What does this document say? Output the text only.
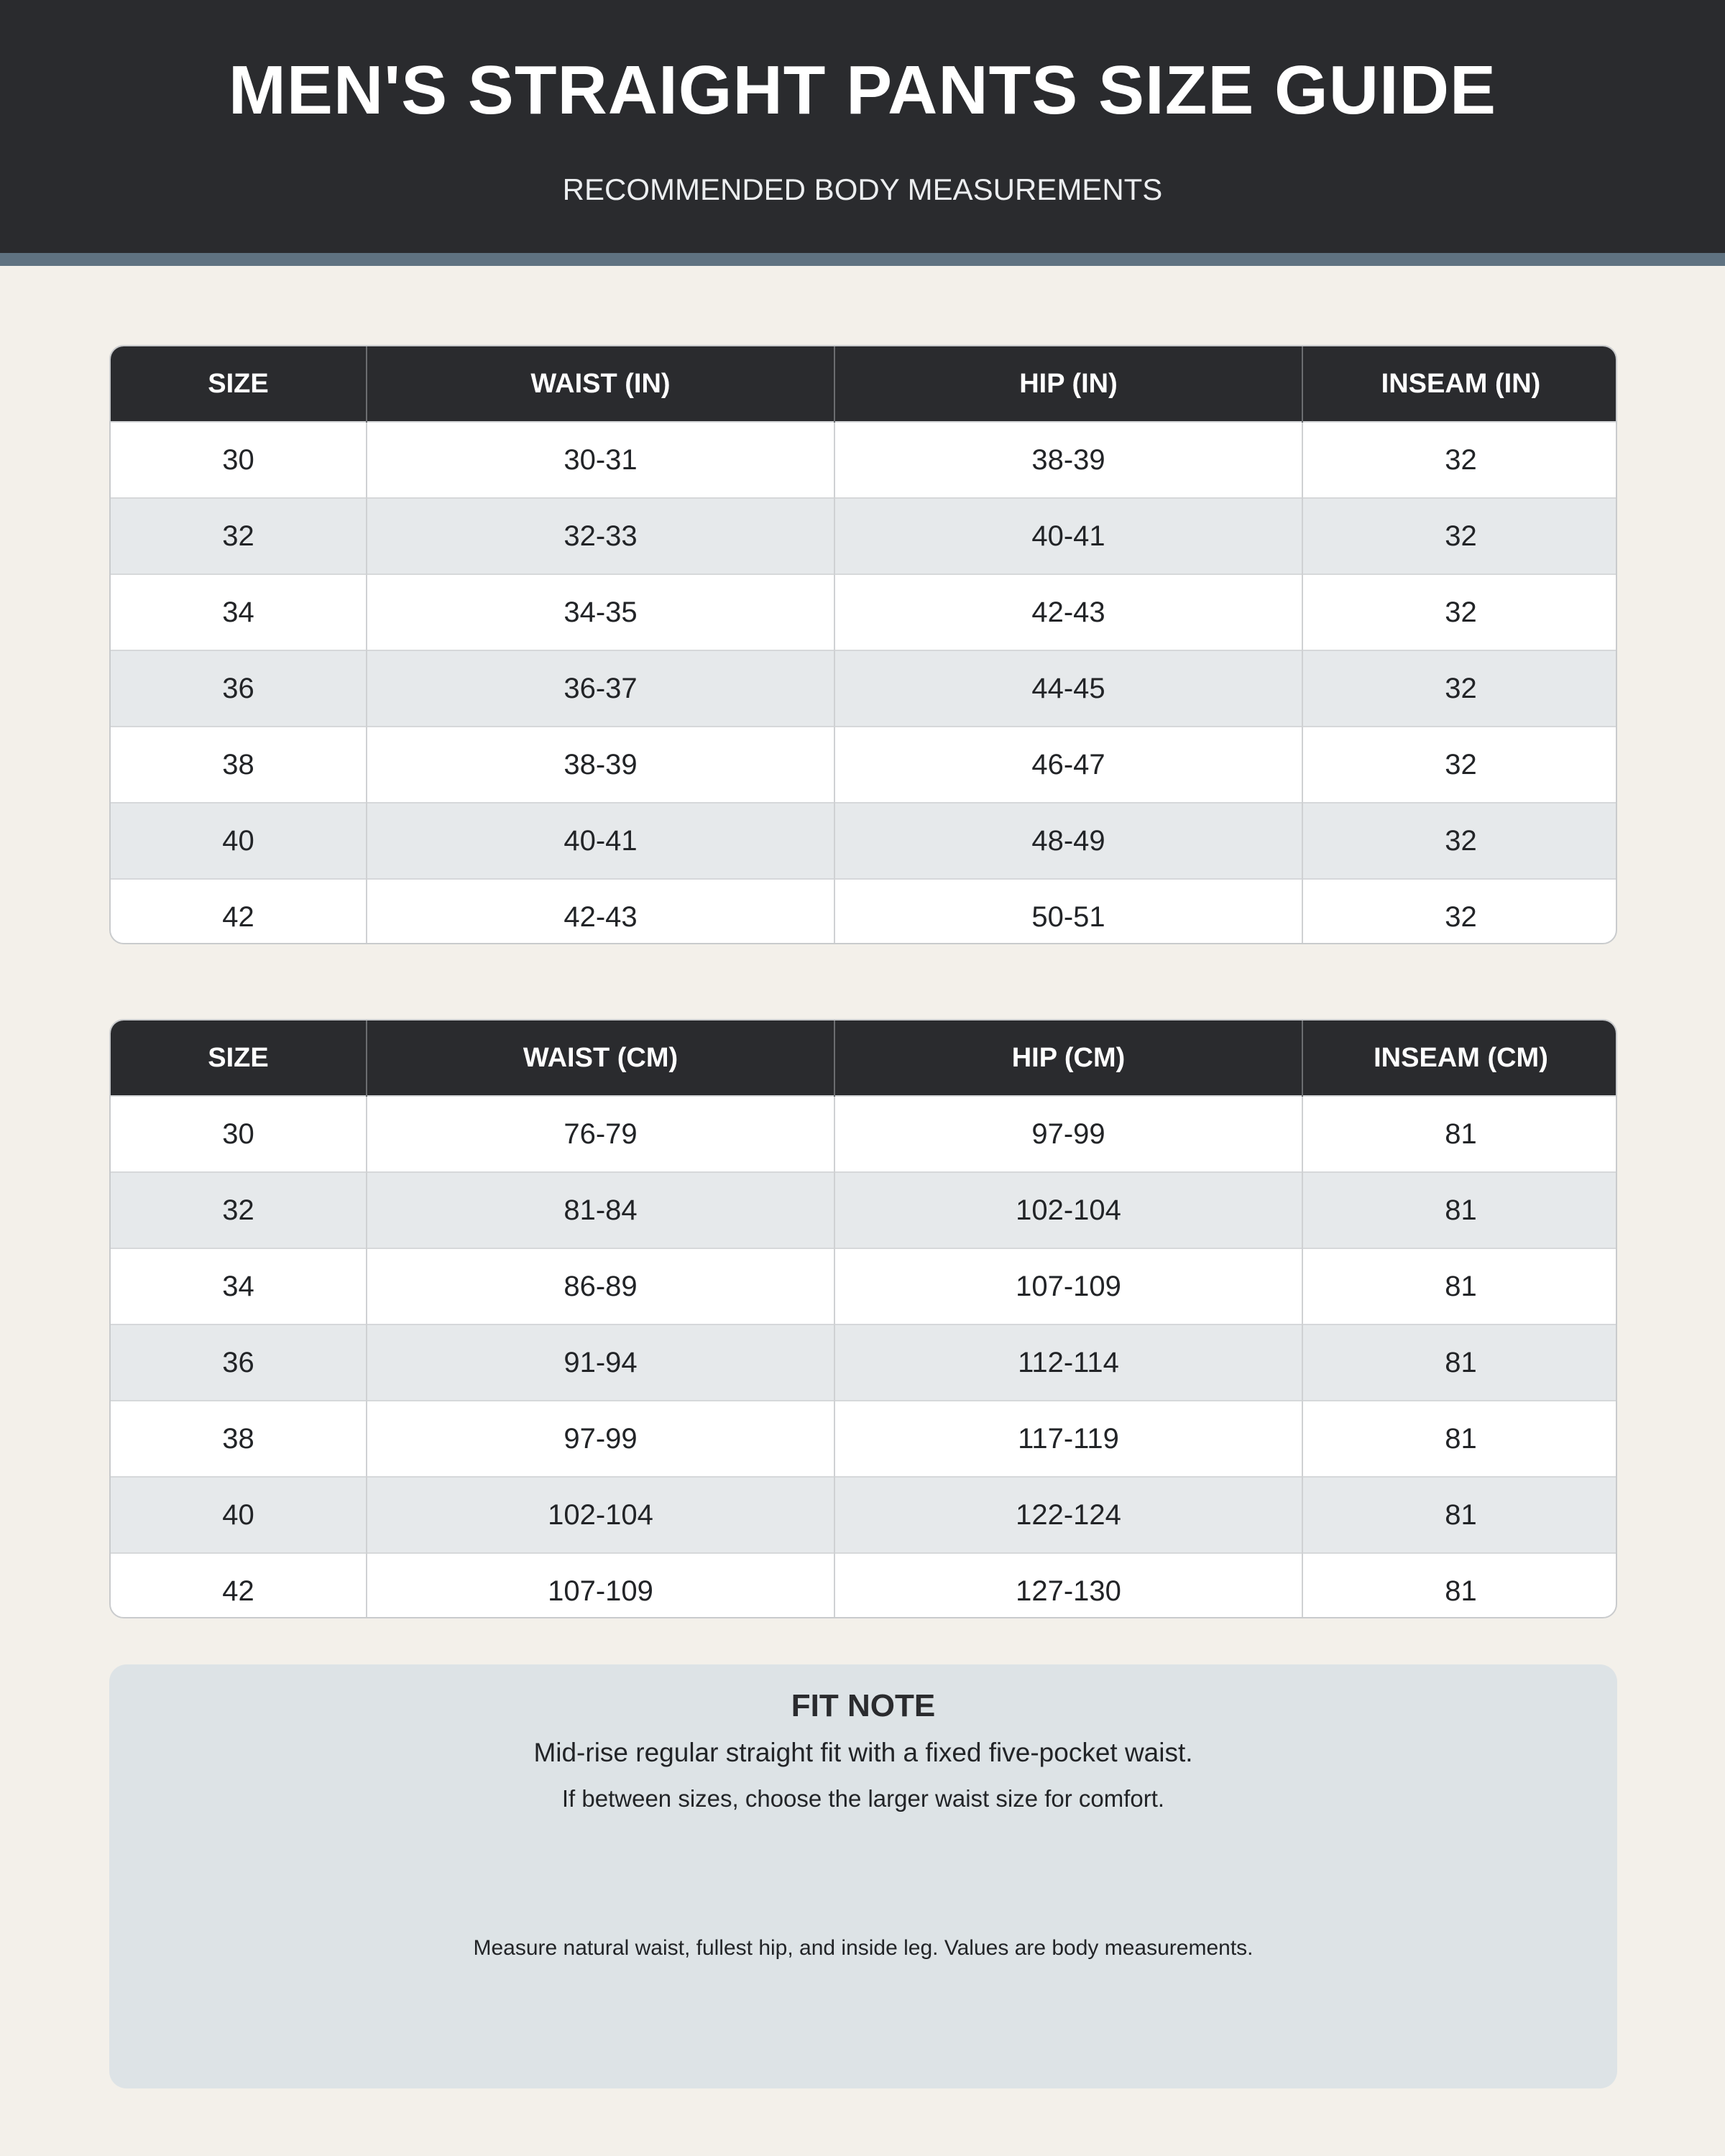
MEN'S STRAIGHT PANTS SIZE GUIDE
RECOMMENDED BODY MEASUREMENTS
SIZE	WAIST (IN)	HIP (IN)	INSEAM (IN)
30	30-31	38-39	32
32	32-33	40-41	32
34	34-35	42-43	32
36	36-37	44-45	32
38	38-39	46-47	32
40	40-41	48-49	32
42	42-43	50-51	32
SIZE	WAIST (CM)	HIP (CM)	INSEAM (CM)
30	76-79	97-99	81
32	81-84	102-104	81
34	86-89	107-109	81
36	91-94	112-114	81
38	97-99	117-119	81
40	102-104	122-124	81
42	107-109	127-130	81
FIT NOTE
Mid-rise regular straight fit with a fixed five-pocket waist.
If between sizes, choose the larger waist size for comfort.
Measure natural waist, fullest hip, and inside leg. Values are body measurements.
